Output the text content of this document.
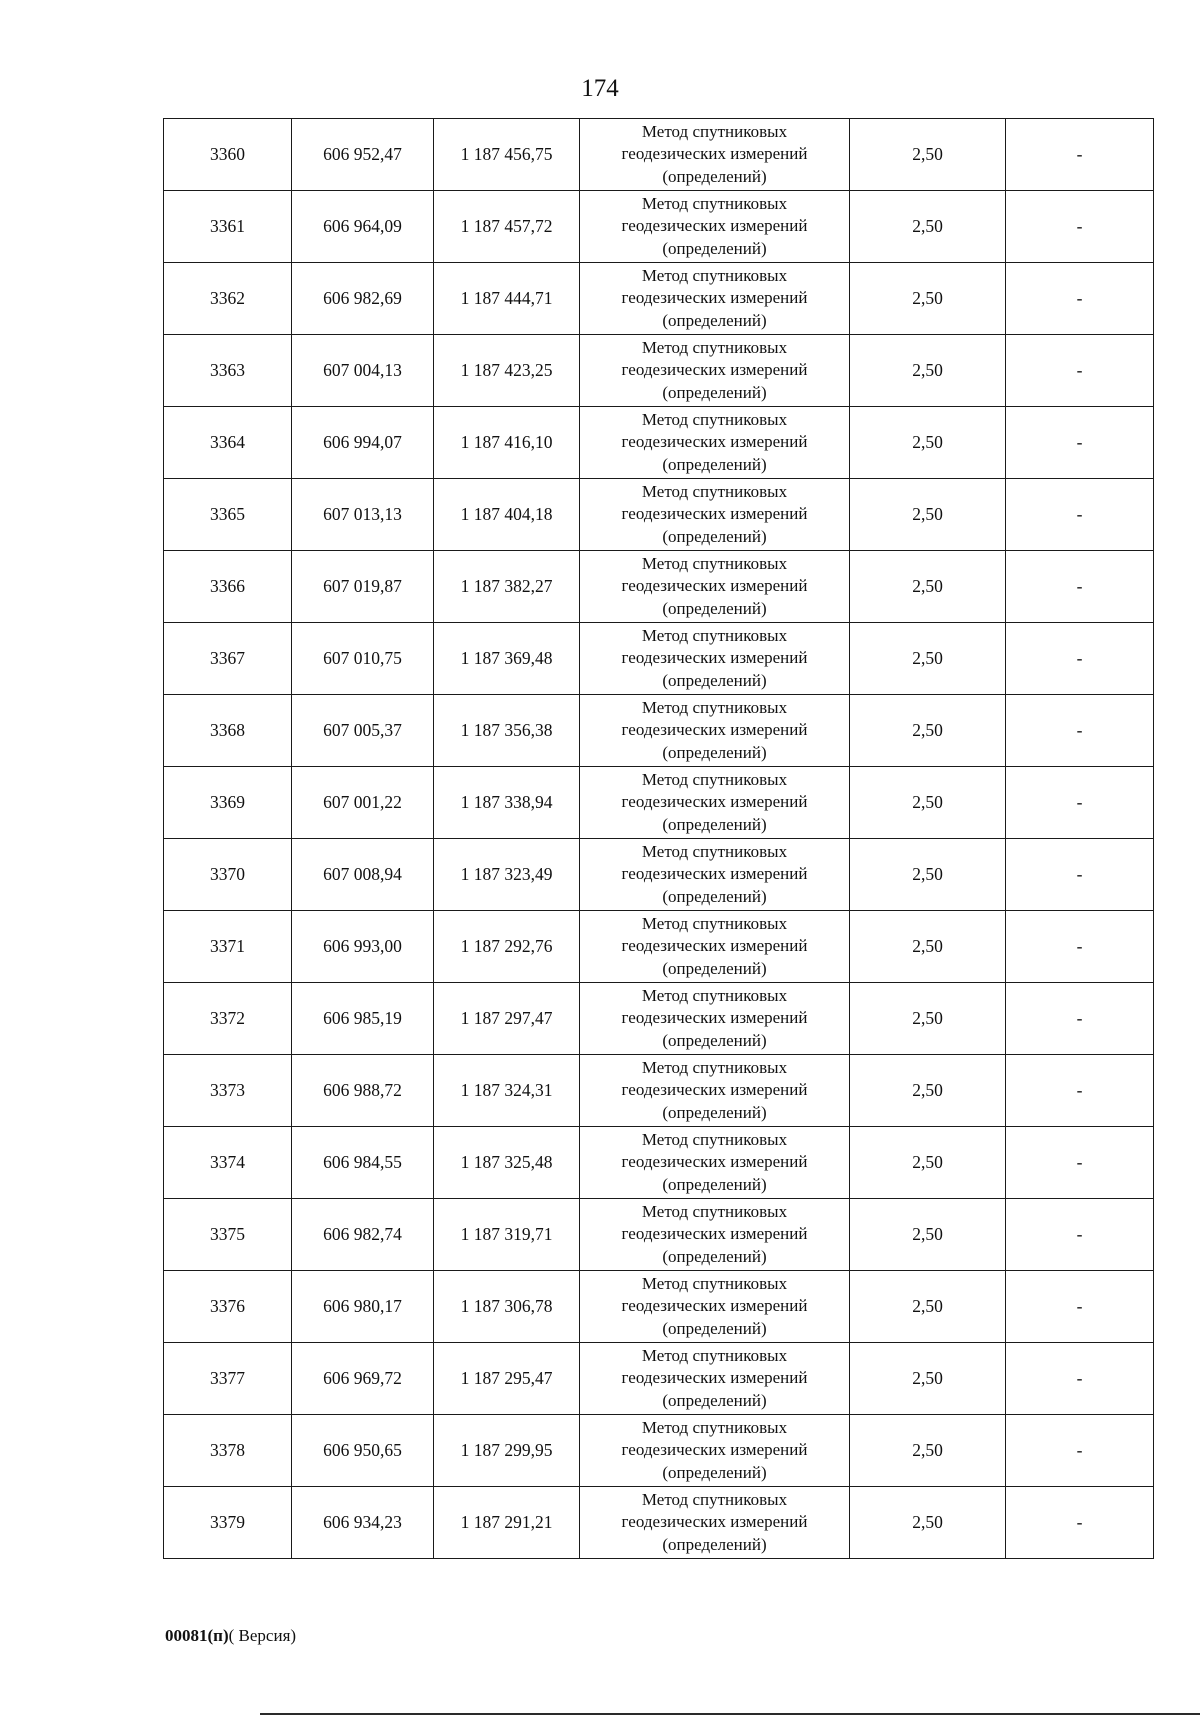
174
3360	606 952,47	1 187 456,75	Метод спутниковых
геодезических измерений
(определений)	2,50	-
3361	606 964,09	1 187 457,72	Метод спутниковых
геодезических измерений
(определений)	2,50	-
3362	606 982,69	1 187 444,71	Метод спутниковых
геодезических измерений
(определений)	2,50	-
3363	607 004,13	1 187 423,25	Метод спутниковых
геодезических измерений
(определений)	2,50	-
3364	606 994,07	1 187 416,10	Метод спутниковых
геодезических измерений
(определений)	2,50	-
3365	607 013,13	1 187 404,18	Метод спутниковых
геодезических измерений
(определений)	2,50	-
3366	607 019,87	1 187 382,27	Метод спутниковых
геодезических измерений
(определений)	2,50	-
3367	607 010,75	1 187 369,48	Метод спутниковых
геодезических измерений
(определений)	2,50	-
3368	607 005,37	1 187 356,38	Метод спутниковых
геодезических измерений
(определений)	2,50	-
3369	607 001,22	1 187 338,94	Метод спутниковых
геодезических измерений
(определений)	2,50	-
3370	607 008,94	1 187 323,49	Метод спутниковых
геодезических измерений
(определений)	2,50	-
3371	606 993,00	1 187 292,76	Метод спутниковых
геодезических измерений
(определений)	2,50	-
3372	606 985,19	1 187 297,47	Метод спутниковых
геодезических измерений
(определений)	2,50	-
3373	606 988,72	1 187 324,31	Метод спутниковых
геодезических измерений
(определений)	2,50	-
3374	606 984,55	1 187 325,48	Метод спутниковых
геодезических измерений
(определений)	2,50	-
3375	606 982,74	1 187 319,71	Метод спутниковых
геодезических измерений
(определений)	2,50	-
3376	606 980,17	1 187 306,78	Метод спутниковых
геодезических измерений
(определений)	2,50	-
3377	606 969,72	1 187 295,47	Метод спутниковых
геодезических измерений
(определений)	2,50	-
3378	606 950,65	1 187 299,95	Метод спутниковых
геодезических измерений
(определений)	2,50	-
3379	606 934,23	1 187 291,21	Метод спутниковых
геодезических измерений
(определений)	2,50	-
00081(п)( Версия)
